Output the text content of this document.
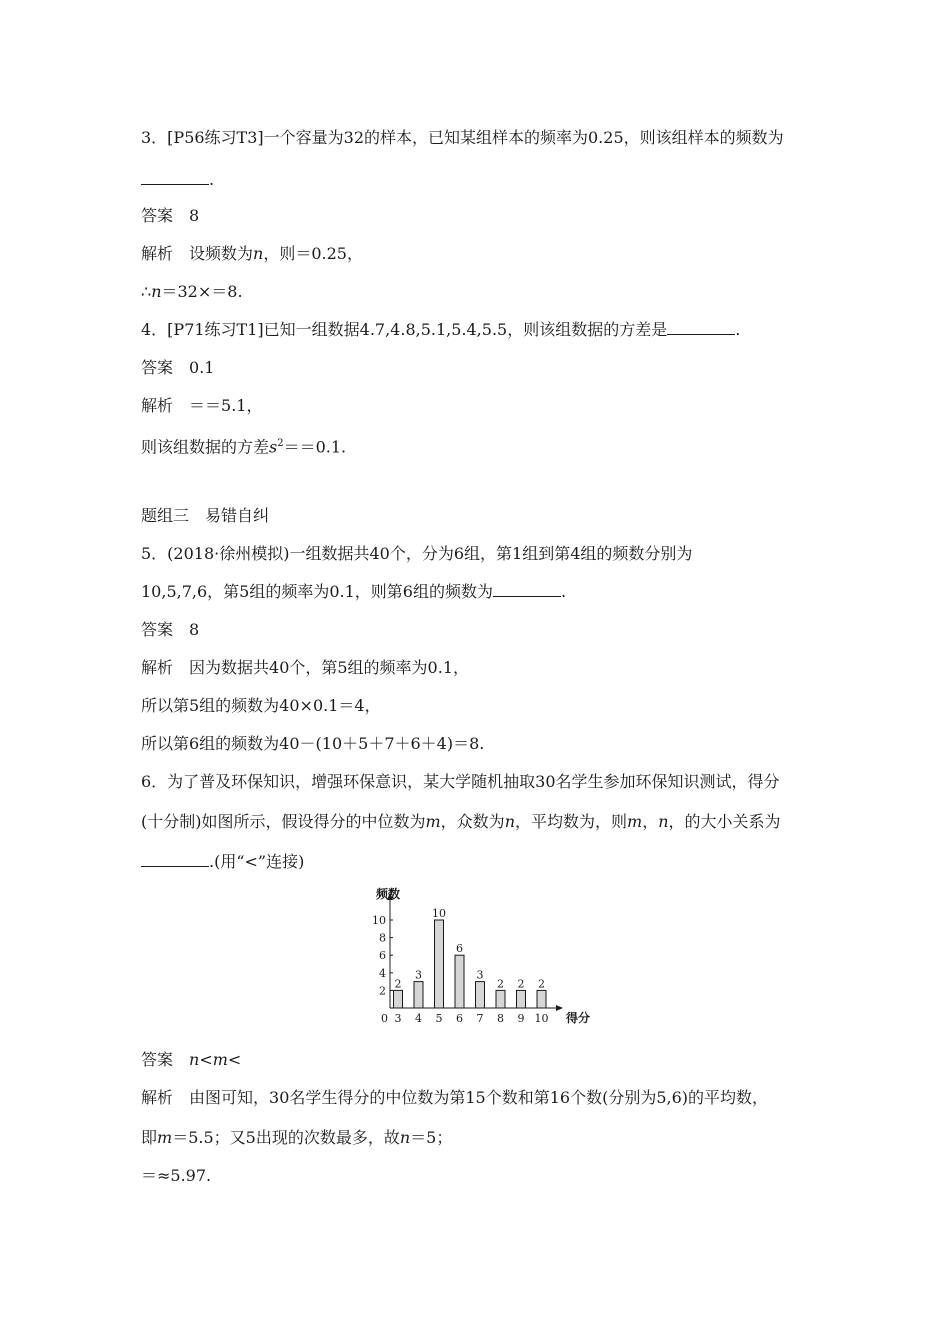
3．[P56练习T3]一个容量为32的样本，已知某组样本的频率为0.25，则该组样本的频数为
.
答案 8
解析 设频数为n，则＝0.25，
∴n＝32×＝8.
4．[P71练习T1]已知一组数据4.7,4.8,5.1,5.4,5.5，则该组数据的方差是	.
答案 0.1
解析 ＝＝5.1，
则该组数据的方差$s^2==0.1$.
题组三　易错自纠
5．(2018·徐州模拟)一组数据共40个，分为6组，第1组到第4组的频数分别为
10,5,7,6，第5组的频率为0.1，则第6组的频数为	.
答案 8
解析 因为数据共40个，第5组的频率为0.1，
所以第5组的频数为40×0.1＝4，
所以第6组的频数为40－(10＋5＋7＋6＋4)＝8.
6．为了普及环保知识，增强环保意识，某大学随机抽取30名学生参加环保知识测试，得分
(十分制)如图所示，假设得分的中位数为m，众数为n，平均数为，则m，n，的大小关系为
.(用“<”连接)
频数
得分
0
2
4
6
8
10
2
3
3
4
10
5
6
6
3
7
2
8
2
9
2
10
答案 n<m<
解析 由图可知，30名学生得分的中位数为第15个数和第16个数(分别为5,6)的平均数，
即m＝5.5；又5出现的次数最多，故n＝5；
＝≈5.97.
